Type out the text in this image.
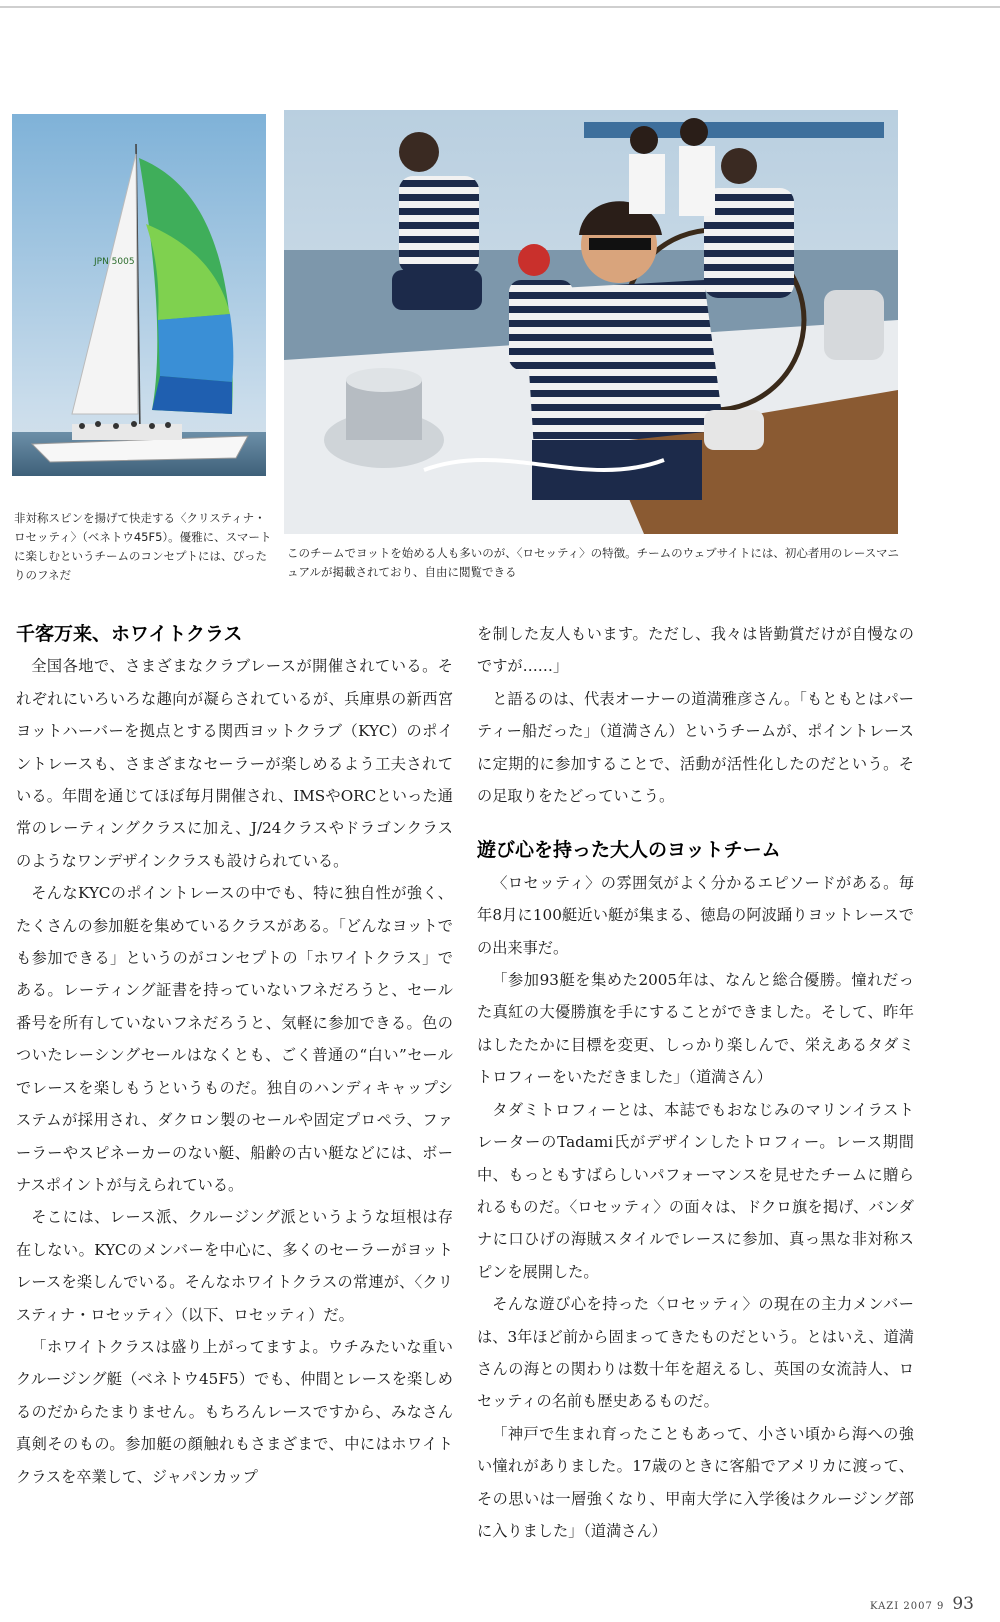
JPN 5005
非対称スピンを揚げて快走する〈クリスティナ・ロセッティ〉（ベネトウ45F5）。優雅に、スマートに楽しむというチームのコンセプトには、ぴったりのフネだ
このチームでヨットを始める人も多いのが、〈ロセッティ〉の特徴。チームのウェブサイトには、初心者用のレースマニュアルが掲載されており、自由に閲覧できる
千客万来、ホワイトクラス

全国各地で、さまざまなクラブレースが開催されている。それぞれにいろいろな趣向が凝らされているが、兵庫県の新西宮ヨットハーバーを拠点とする関西ヨットクラブ（KYC）のポイントレースも、さまざまなセーラーが楽しめるよう工夫されている。年間を通じてほぼ毎月開催され、IMSやORCといった通常のレーティングクラスに加え、J/24クラスやドラゴンクラスのようなワンデザインクラスも設けられている。

そんなKYCのポイントレースの中でも、特に独自性が強く、たくさんの参加艇を集めているクラスがある。「どんなヨットでも参加できる」というのがコンセプトの「ホワイトクラス」である。レーティング証書を持っていないフネだろうと、セール番号を所有していないフネだろうと、気軽に参加できる。色のついたレーシングセールはなくとも、ごく普通の“白い”セールでレースを楽しもうというものだ。独自のハンディキャップシステムが採用され、ダクロン製のセールや固定プロペラ、ファーラーやスピネーカーのない艇、船齢の古い艇などには、ボーナスポイントが与えられている。

そこには、レース派、クルージング派というような垣根は存在しない。KYCのメンバーを中心に、多くのセーラーがヨットレースを楽しんでいる。そんなホワイトクラスの常連が、〈クリスティナ・ロセッティ〉（以下、ロセッティ）だ。

「ホワイトクラスは盛り上がってますよ。ウチみたいな重いクルージング艇（ベネトウ45F5）でも、仲間とレースを楽しめるのだからたまりません。もちろんレースですから、みなさん真剣そのもの。参加艇の顔触れもさまざまで、中にはホワイトクラスを卒業して、ジャパンカップ

を制した友人もいます。ただし、我々は皆勤賞だけが自慢なのですが……」

と語るのは、代表オーナーの道満雅彦さん。「もともとはパーティー船だった」（道満さん）というチームが、ポイントレースに定期的に参加することで、活動が活性化したのだという。その足取りをたどっていこう。

遊び心を持った大人のヨットチーム

〈ロセッティ〉の雰囲気がよく分かるエピソードがある。毎年8月に100艇近い艇が集まる、徳島の阿波踊りヨットレースでの出来事だ。

「参加93艇を集めた2005年は、なんと総合優勝。憧れだった真紅の大優勝旗を手にすることができました。そして、昨年はしたたかに目標を変更、しっかり楽しんで、栄えあるタダミトロフィーをいただきました」（道満さん）

タダミトロフィーとは、本誌でもおなじみのマリンイラストレーターのTadami氏がデザインしたトロフィー。レース期間中、もっともすばらしいパフォーマンスを見せたチームに贈られるものだ。〈ロセッティ〉の面々は、ドクロ旗を掲げ、バンダナに口ひげの海賊スタイルでレースに参加、真っ黒な非対称スピンを展開した。

そんな遊び心を持った〈ロセッティ〉の現在の主力メンバーは、3年ほど前から固まってきたものだという。とはいえ、道満さんの海との関わりは数十年を超えるし、英国の女流詩人、ロセッティの名前も歴史あるものだ。

「神戸で生まれ育ったこともあって、小さい頃から海への強い憧れがありました。17歳のときに客船でアメリカに渡って、その思いは一層強くなり、甲南大学に入学後はクルージング部に入りました」（道満さん）

KAZI 2007 9 93
